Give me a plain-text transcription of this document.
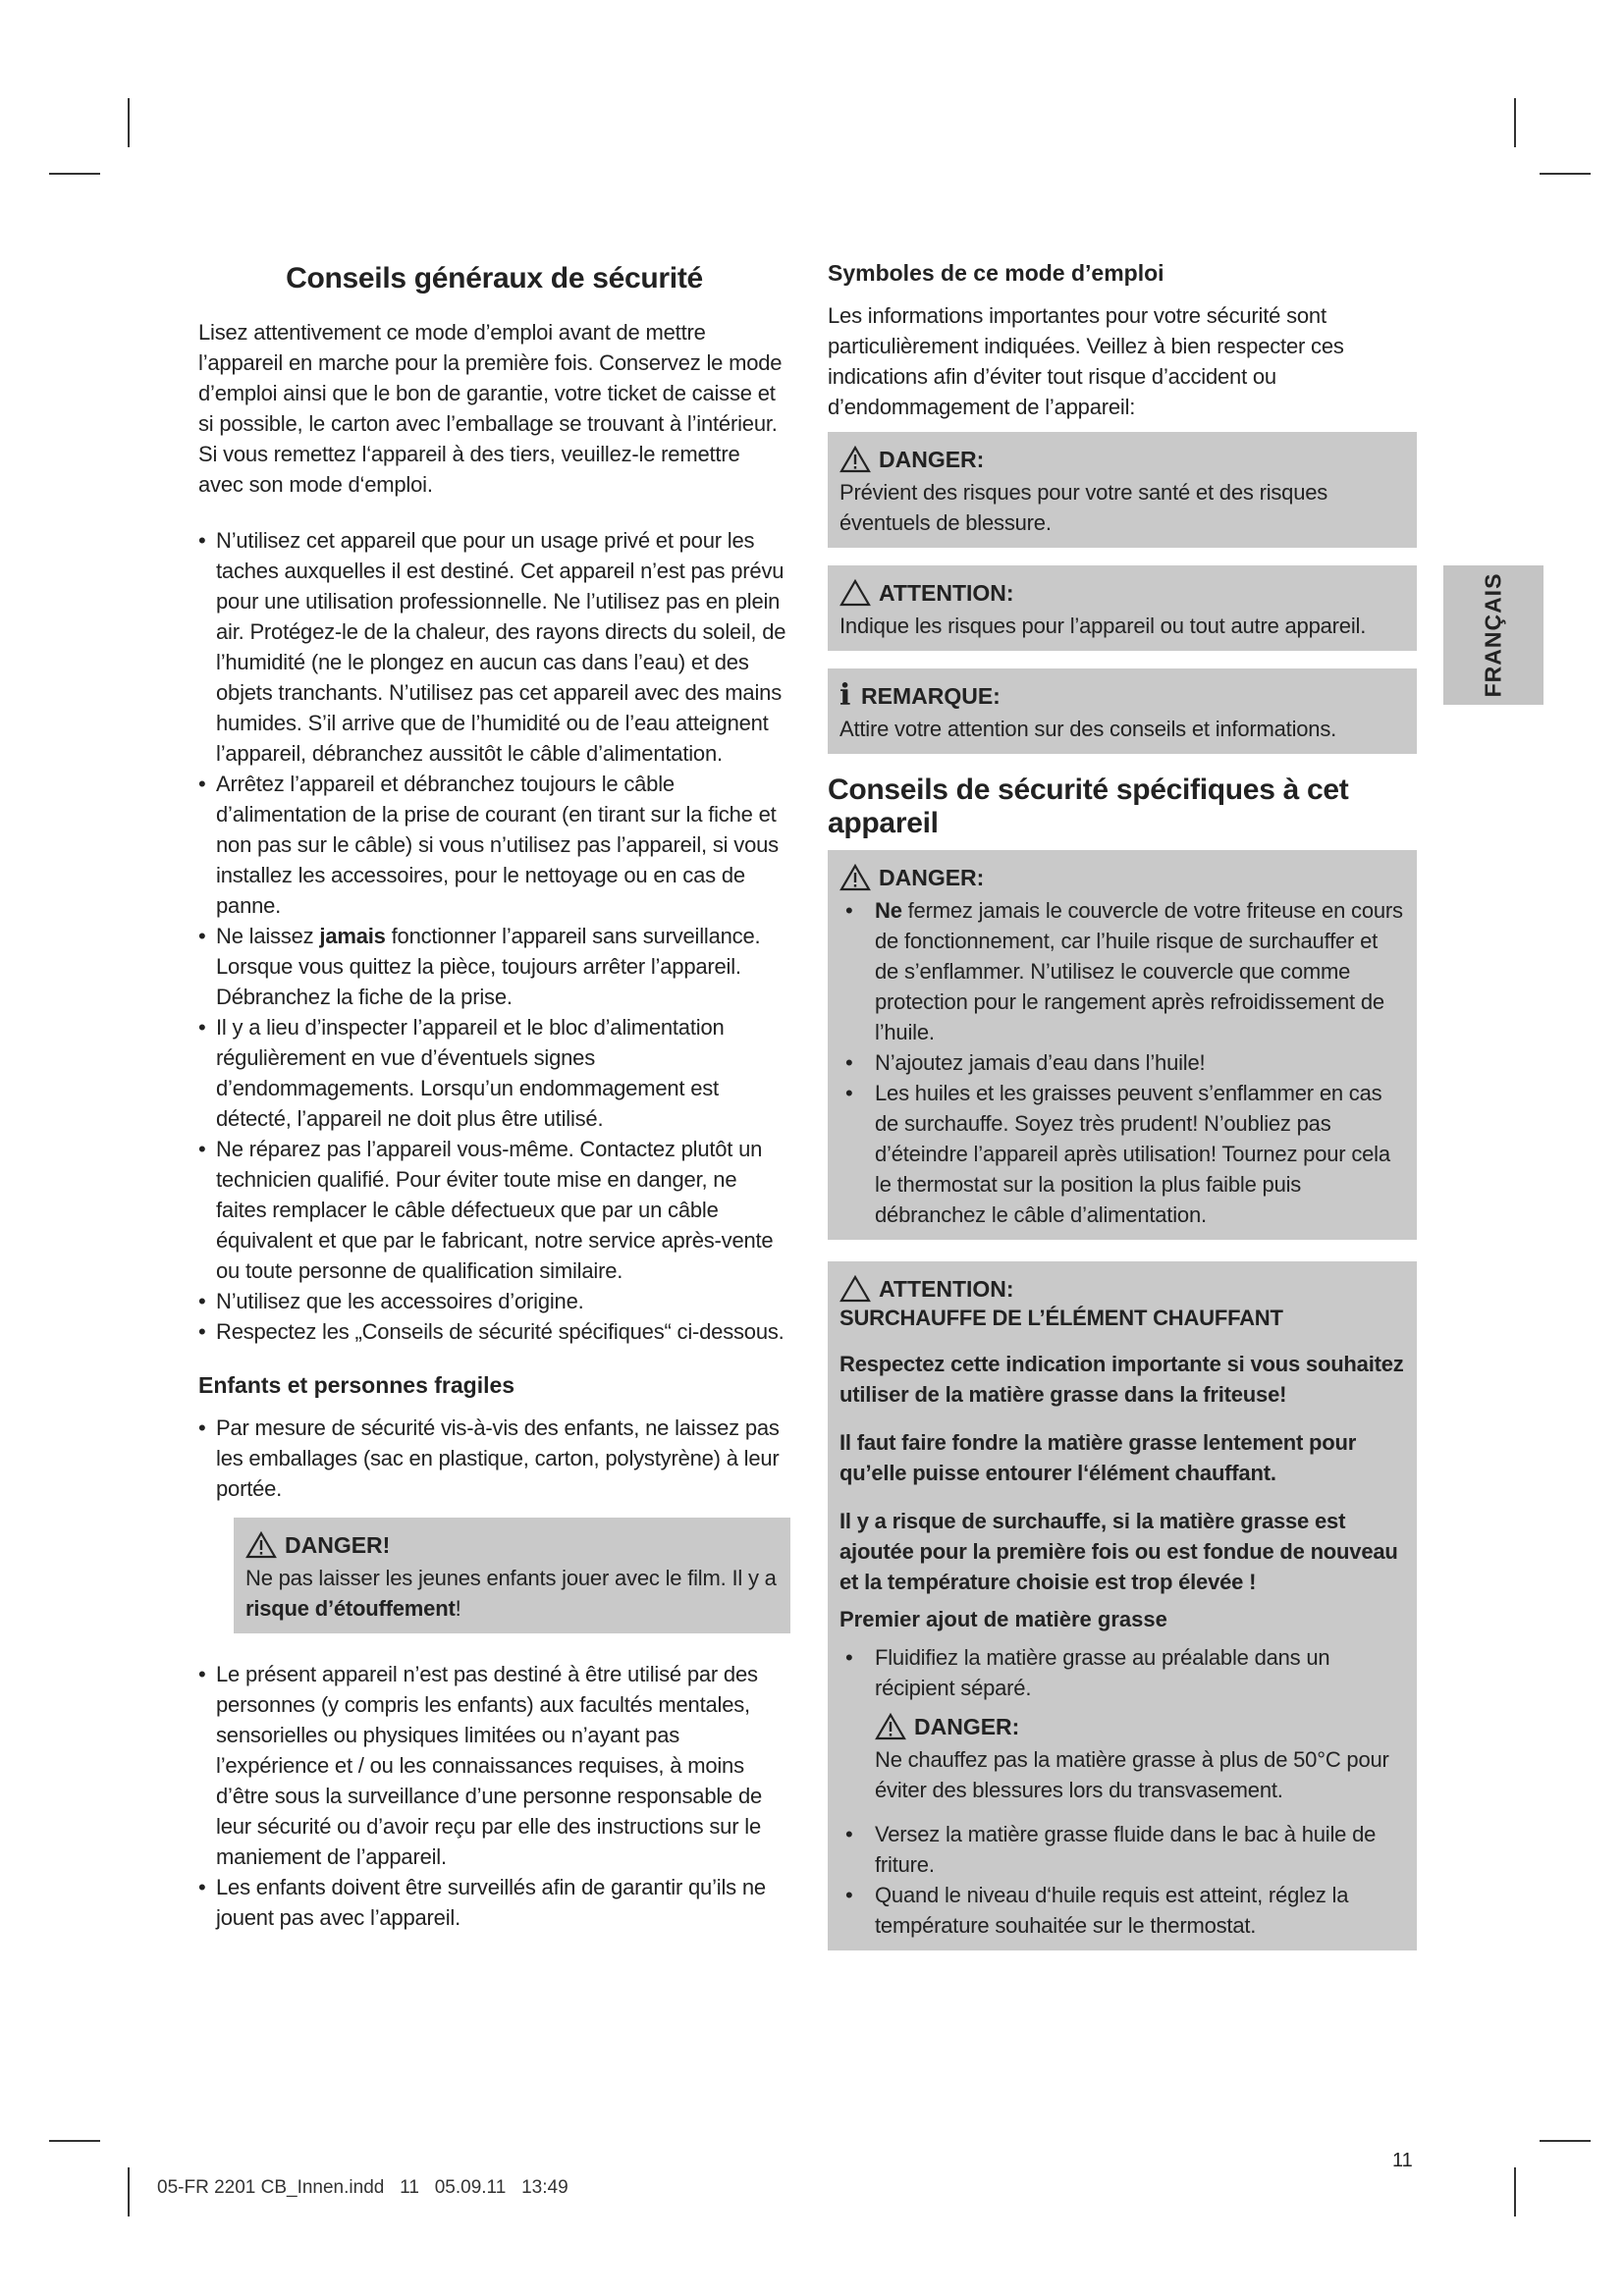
Conseils généraux de sécurité

Lisez attentivement ce mode d’emploi avant de mettre l’appareil en marche pour la première fois. Conservez le mode d’emploi ainsi que le bon de garantie, votre ticket de caisse et si possible, le carton avec l’emballage se trouvant à l’intérieur. Si vous remettez l‘appareil à des tiers, veuillez-le remettre avec son mode d‘emploi.

• N’utilisez cet appareil que pour un usage privé et pour les taches auxquelles il est destiné. Cet appareil n’est pas prévu pour une utilisation professionnelle. Ne l’utilisez pas en plein air. Protégez-le de la chaleur, des rayons directs du soleil, de l’humidité (ne le plongez en aucun cas dans l’eau) et des objets tranchants. N’utilisez pas cet appareil avec des mains humides. S’il arrive que de l’humidité ou de l’eau atteignent l’appareil, débranchez aussitôt le câble d’alimentation.
• Arrêtez l’appareil et débranchez toujours le câble d’alimentation de la prise de courant (en tirant sur la fiche et non pas sur le câble) si vous n’utilisez pas l’appareil, si vous installez les accessoires, pour le nettoyage ou en cas de panne.
• Ne laissez jamais fonctionner l’appareil sans surveillance. Lorsque vous quittez la pièce, toujours arrêter l’appareil. Débranchez la fiche de la prise.
• Il y a lieu d’inspecter l’appareil et le bloc d’alimentation régulièrement en vue d’éventuels signes d’endommagements. Lorsqu’un endommagement est détecté, l’appareil ne doit plus être utilisé.
• Ne réparez pas l’appareil vous-même. Contactez plutôt un technicien qualifié. Pour éviter toute mise en danger, ne faites remplacer le câble défectueux que par un câble équivalent et que par le fabricant, notre service après-vente ou toute personne de qualification similaire.
• N’utilisez que les accessoires d’origine.
• Respectez les „Conseils de sécurité spécifiques“ ci-dessous.
Enfants et personnes fragiles
• Par mesure de sécurité vis-à-vis des enfants, ne laissez pas les emballages (sac en plastique, carton, polystyrène) à leur portée.
DANGER!
Ne pas laisser les jeunes enfants jouer avec le film. Il y a risque d’étouffement!
• Le présent appareil n’est pas destiné à être utilisé par des personnes (y compris les enfants) aux facultés mentales, sensorielles ou physiques limitées ou n’ayant pas l’expérience et / ou les connaissances requises, à moins d’être sous la surveillance d’une personne responsable de leur sécurité ou d’avoir reçu par elle des instructions sur le maniement de l’appareil.
• Les enfants doivent être surveillés afin de garantir qu’ils ne jouent pas avec l’appareil.
Symboles de ce mode d’emploi

Les informations importantes pour votre sécurité sont particulièrement indiquées. Veillez à bien respecter ces indications afin d’éviter tout risque d’accident ou d’endommagement de l’appareil:

DANGER:
Prévient des risques pour votre santé et des risques éventuels de blessure.
ATTENTION:
Indique les risques pour l’appareil ou tout autre appareil.
i REMARQUE:
Attire votre attention sur des conseils et informations.
Conseils de sécurité spécifiques à cet appareil
DANGER:
• Ne fermez jamais le couvercle de votre friteuse en cours de fonctionnement, car l’huile risque de surchauffer et de s’enflammer. N’utilisez le couvercle que comme protection pour le rangement après refroidissement de l’huile.
• N’ajoutez jamais d’eau dans l’huile!
• Les huiles et les graisses peuvent s’enflammer en cas de surchauffe. Soyez très prudent! N’oubliez pas d’éteindre l’appareil après utilisation! Tournez pour cela le thermostat sur la position la plus faible puis débranchez le câble d’alimentation.
ATTENTION:
SURCHAUFFE DE L’ÉLÉMENT CHAUFFANT
Respectez cette indication importante si vous souhaitez utiliser de la matière grasse dans la friteuse!
Il faut faire fondre la matière grasse lentement pour qu’elle puisse entourer l‘élément chauffant.
Il y a risque de surchauffe, si la matière grasse est ajoutée pour la première fois ou est fondue de nouveau et la température choisie est trop élevée !
Premier ajout de matière grasse
• Fluidifiez la matière grasse au préalable dans un récipient séparé.
DANGER:
Ne chauffez pas la matière grasse à plus de 50°C pour éviter des blessures lors du transvasement.
• Versez la matière grasse fluide dans le bac à huile de friture.
• Quand le niveau d‘huile requis est atteint, réglez la température souhaitée sur le thermostat.
FRANÇAIS
11
05-FR 2201 CB_Innen.indd   11   05.09.11   13:49
